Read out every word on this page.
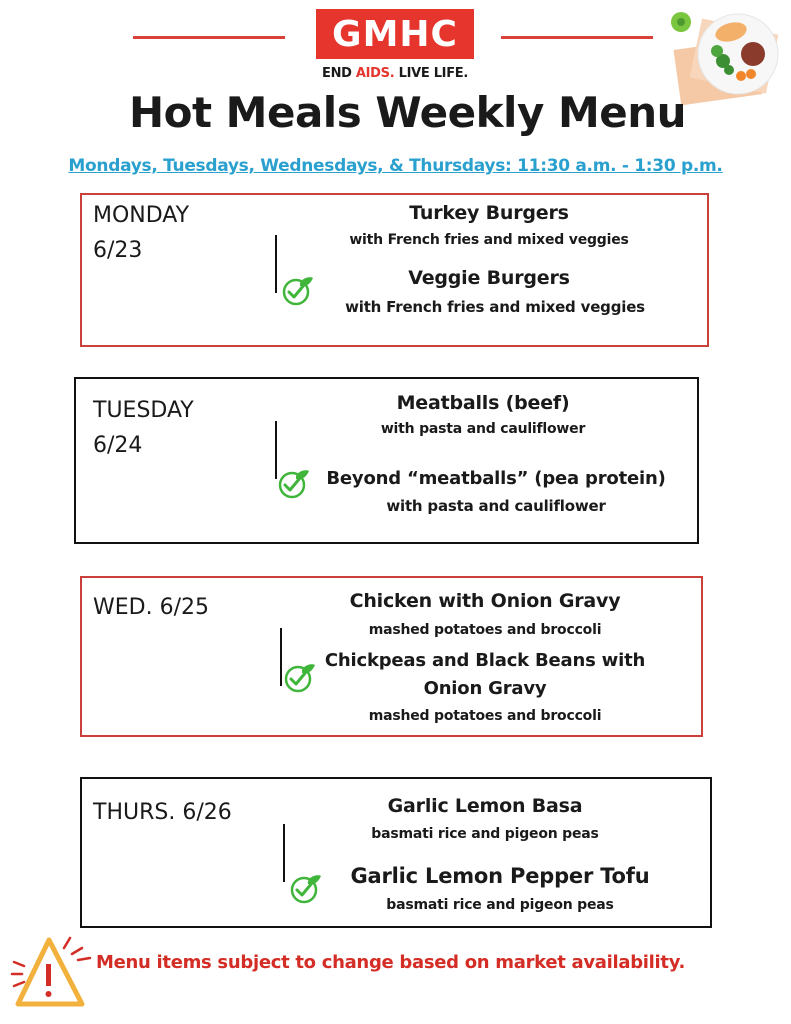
GMHC
END AIDS. LIVE LIFE.
Hot Meals Weekly Menu
Mondays, Tuesdays, Wednesdays, & Thursdays: 11:30 a.m. - 1:30 p.m.
MONDAY
6/23
Turkey Burgers
with French fries and mixed veggies
Veggie Burgers
with French fries and mixed veggies
TUESDAY
6/24
Meatballs (beef)
with pasta and cauliflower
Beyond “meatballs” (pea protein)
with pasta and cauliflower
WED. 6/25	Chicken with Onion Gravy
mashed potatoes and broccoli
Chickpeas and Black Beans with
Onion Gravy
mashed potatoes and broccoli
THURS. 6/26	Garlic Lemon Basa
basmati rice and pigeon peas
Garlic Lemon Pepper Tofu
basmati rice and pigeon peas
Menu items subject to change based on market availability.
